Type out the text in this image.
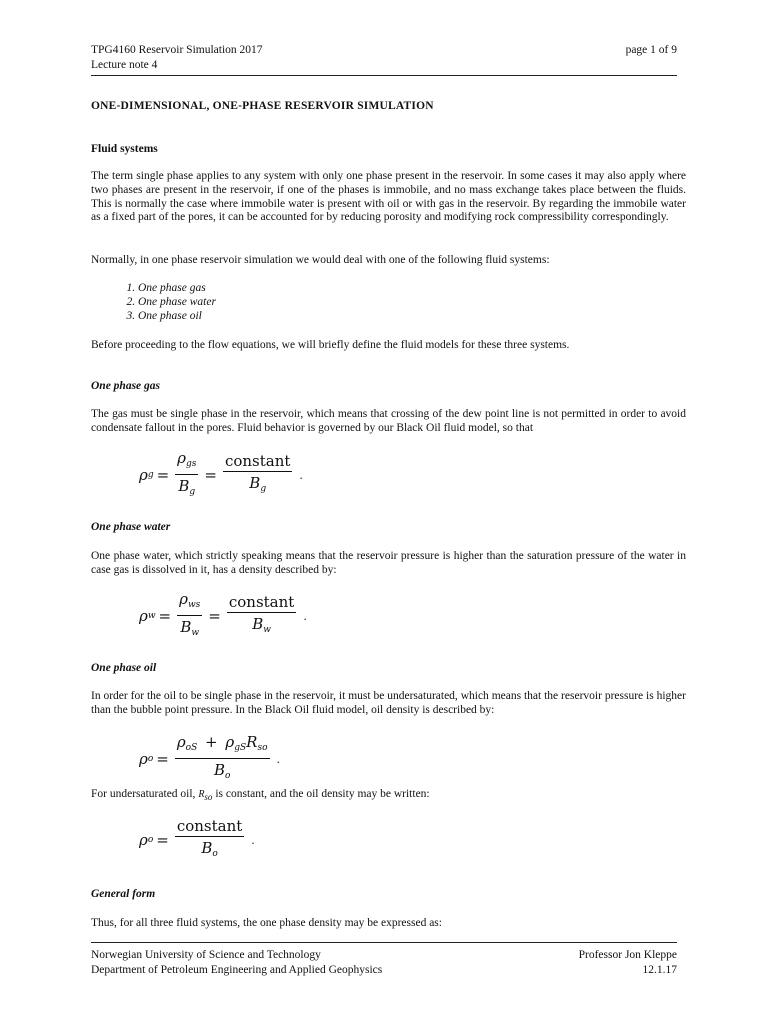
TPG4160 Reservoir Simulation 2017	page 1 of 9
Lecture note 4
ONE-DIMENSIONAL, ONE-PHASE RESERVOIR SIMULATION
Fluid systems
The term single phase applies to any system with only one phase present in the reservoir. In some cases it may also apply where two phases are present in the reservoir, if one of the phases is immobile, and no mass exchange takes place between the fluids. This is normally the case where immobile water is present with oil or with gas in the reservoir. By regarding the immobile water as a fixed part of the pores, it can be accounted for by reducing porosity and modifying rock compressibility correspondingly.
Normally, in one phase reservoir simulation we would deal with one of the following fluid systems:
1. One phase gas
2. One phase water
3. One phase oil
Before proceeding to the flow equations, we will briefly define the fluid models for these three systems.
One phase gas
The gas must be single phase in the reservoir, which means that crossing of the dew point line is not permitted in order to avoid condensate fallout in the pores. Fluid behavior is governed by our Black Oil fluid model, so that
ρ $g = \frac{\rho_{gs}}{B_g} = \frac{\text{constant}}{B_g}$ .
One phase water
One phase water, which strictly speaking means that the reservoir pressure is higher than the saturation pressure of the water in case gas is dissolved in it, has a density described by:
ρ $w = \frac{\rho_{ws}}{B_w} = \frac{\text{constant}}{B_w}$ .
One phase oil
In order for the oil to be single phase in the reservoir, it must be undersaturated, which means that the reservoir pressure is higher than the bubble point pressure. In the Black Oil fluid model, oil density is described by:
ρ $o = \frac{\rho_{oS} + \rho_{gS}R_{so}}{B_o}$ .
For undersaturated oil, $R_{so}$ is constant, and the oil density may be written:
ρ $o = \frac{\text{constant}}{B_o}$ .
General form
Thus, for all three fluid systems, the one phase density may be expressed as:
Norwegian University of Science and Technology	Professor Jon Kleppe
Department of Petroleum Engineering and Applied Geophysics	12.1.17
